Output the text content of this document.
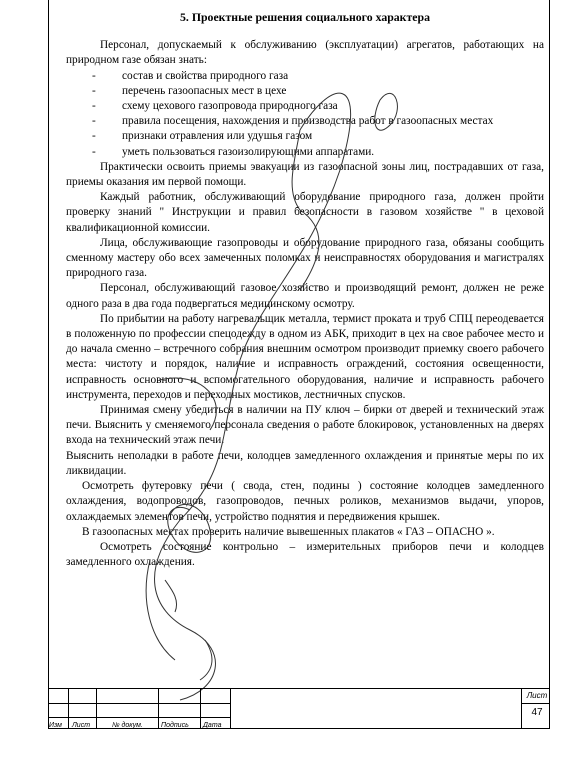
5. Проектные решения социального характера

Персонал, допускаемый к обслуживанию (эксплуатации) агрегатов, работающих на природном газе обязан знать:

- состав и свойства природного газа
- перечень газоопасных мест в цехе
- схему цехового газопровода природного газа
- правила посещения, нахождения и производства работ в газоопасных местах
- признаки отравления или удушья газом
- уметь пользоваться газоизолирующими аппаратами.

Практически освоить приемы эвакуации из газоопасной зоны лиц, пострадавших от газа, приемы оказания им первой помощи.

Каждый работник, обслуживающий оборудование природного газа, должен пройти проверку знаний " Инструкции и правил безопасности в газовом хозяйстве " в цеховой квалификационной комиссии.

Лица, обслуживающие газопроводы и оборудование природного газа, обязаны сообщить сменному мастеру обо всех замеченных поломках и неисправностях оборудования и магистралях природного газа.

Персонал, обслуживающий газовое хозяйство и производящий ремонт, должен не реже одного раза в два года подвергаться медицинскому осмотру.

По прибытии на работу нагревальщик металла, термист проката и труб СПЦ переодевается в положенную по профессии спецодежду в одном из АБК, приходит в цех на свое рабочее место и до начала сменно – встречного собрания внешним осмотром производит приемку своего рабочего места: чистоту и порядок, наличие и исправность ограждений, состояния освещенности, исправность основного и вспомогательного оборудования, наличие и исправность рабочего инструмента, переходов и переходных мостиков, лестничных спусков.

Принимая смену убедиться в наличии на ПУ ключ – бирки от дверей и технический этаж печи. Выяснить у сменяемого персонала сведения о работе блокировок, установленных на дверях входа на технический этаж печи.

Выяснить неполадки в работе печи, колодцев замедленного охлаждения и принятые меры по их ликвидации.

Осмотреть футеровку печи ( свода, стен, подины ) состояние колодцев замедленного охлаждения, водопроводов, газопроводов, печных роликов, механизмов выдачи, упоров, охлаждаемых элементов печи, устройство поднятия и передвижения крышек.

В газоопасных местах проверить наличие вывешенных плакатов « ГАЗ – ОПАСНО ».

Осмотреть состояние контрольно – измерительных приборов печи и колодцев замедленного охлаждения.

Изм Лист	№ докум.	Подпись Дата
Лист
47
